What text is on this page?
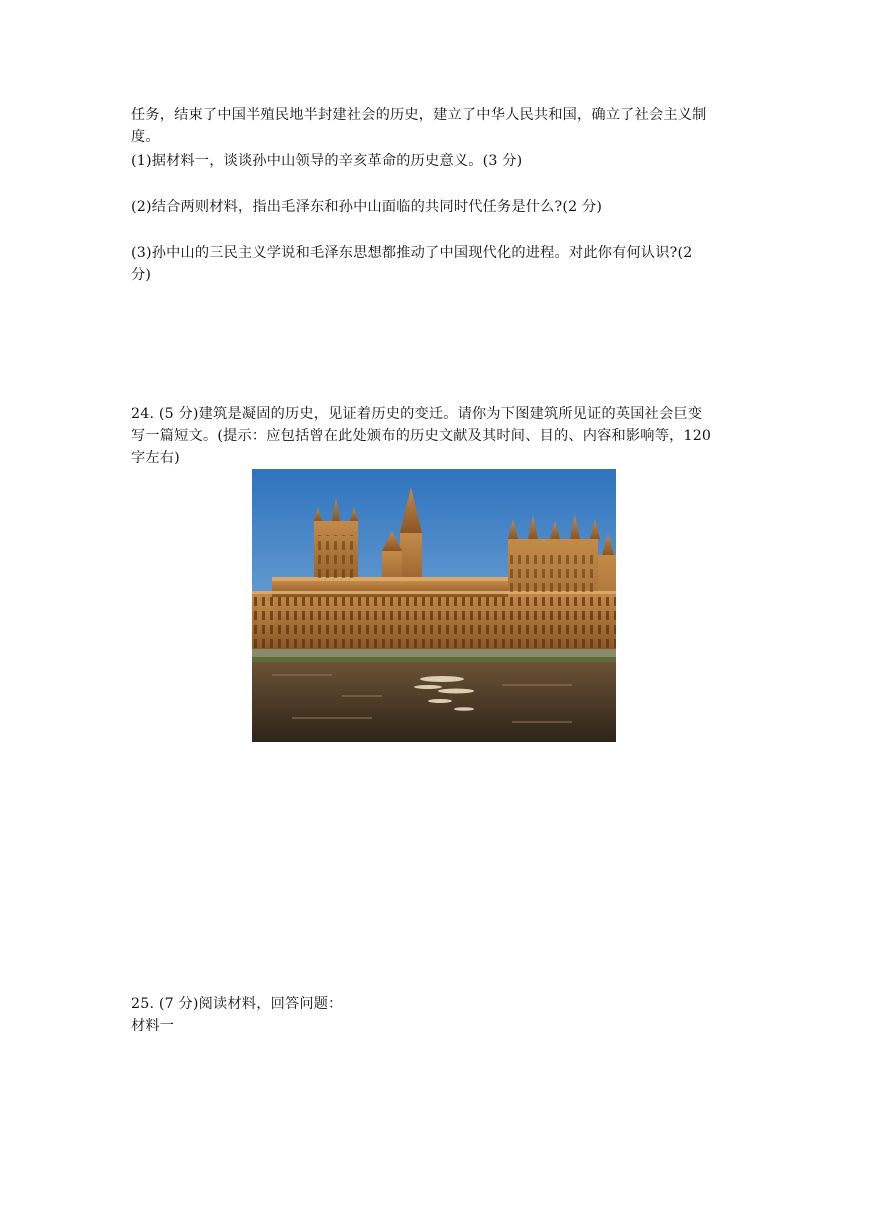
任务，结束了中国半殖民地半封建社会的历史，建立了中华人民共和国，确立了社会主义制
度。
(1)据材料一，谈谈孙中山领导的辛亥革命的历史意义。(3 分)
(2)结合两则材料，指出毛泽东和孙中山面临的共同时代任务是什么?(2 分)
(3)孙中山的三民主义学说和毛泽东思想都推动了中国现代化的进程。对此你有何认识?(2
分)
24. (5 分)建筑是凝固的历史，见证着历史的变迁。请你为下图建筑所见证的英国社会巨变
写一篇短文。(提示：应包括曾在此处颁布的历史文献及其时间、目的、内容和影响等，120
字左右)
25. (7 分)阅读材料，回答问题：
材料一
